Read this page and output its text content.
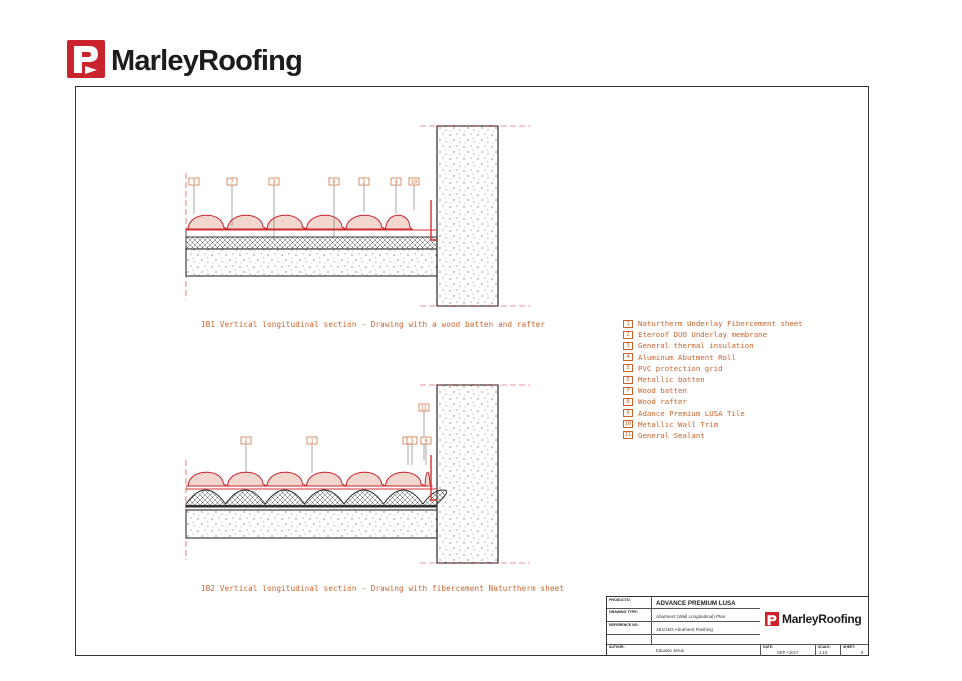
MarleyRoofing
5	7	3	8	2	4	10
11
2	1	9
3
1B1 Vertical longitudinal section - Drawing with a wood batten and rafter
1B2 Vertical longitudinal section - Drawing with fibercement Naturtherm sheet
1	Naturtherm Underlay Fibercement sheet
2	Eteroof DUO Underlay membrane
3	General thermal insulation
4	Aluminum Abutment Roll
5	PVC protection grid
6	Metallic batten
7	Wood batten
8	Wood rafter
9	Adance Premium LUSA Tile
10 Metallic Wall Trim
11 General Sealant
PRODUCTO:	ADVANCE PREMIUM LUSA
DRAWING TYPE:
Abutment (Wall Longitudinal) Plan
REFERENCE NO:
1B1/1B2 Abutment Flashing
AUTHOR:
Eduardo Jesus
DATE:
SEP • 2017
SCALE:
1:10
SHEET:
6
MarleyRoofing
